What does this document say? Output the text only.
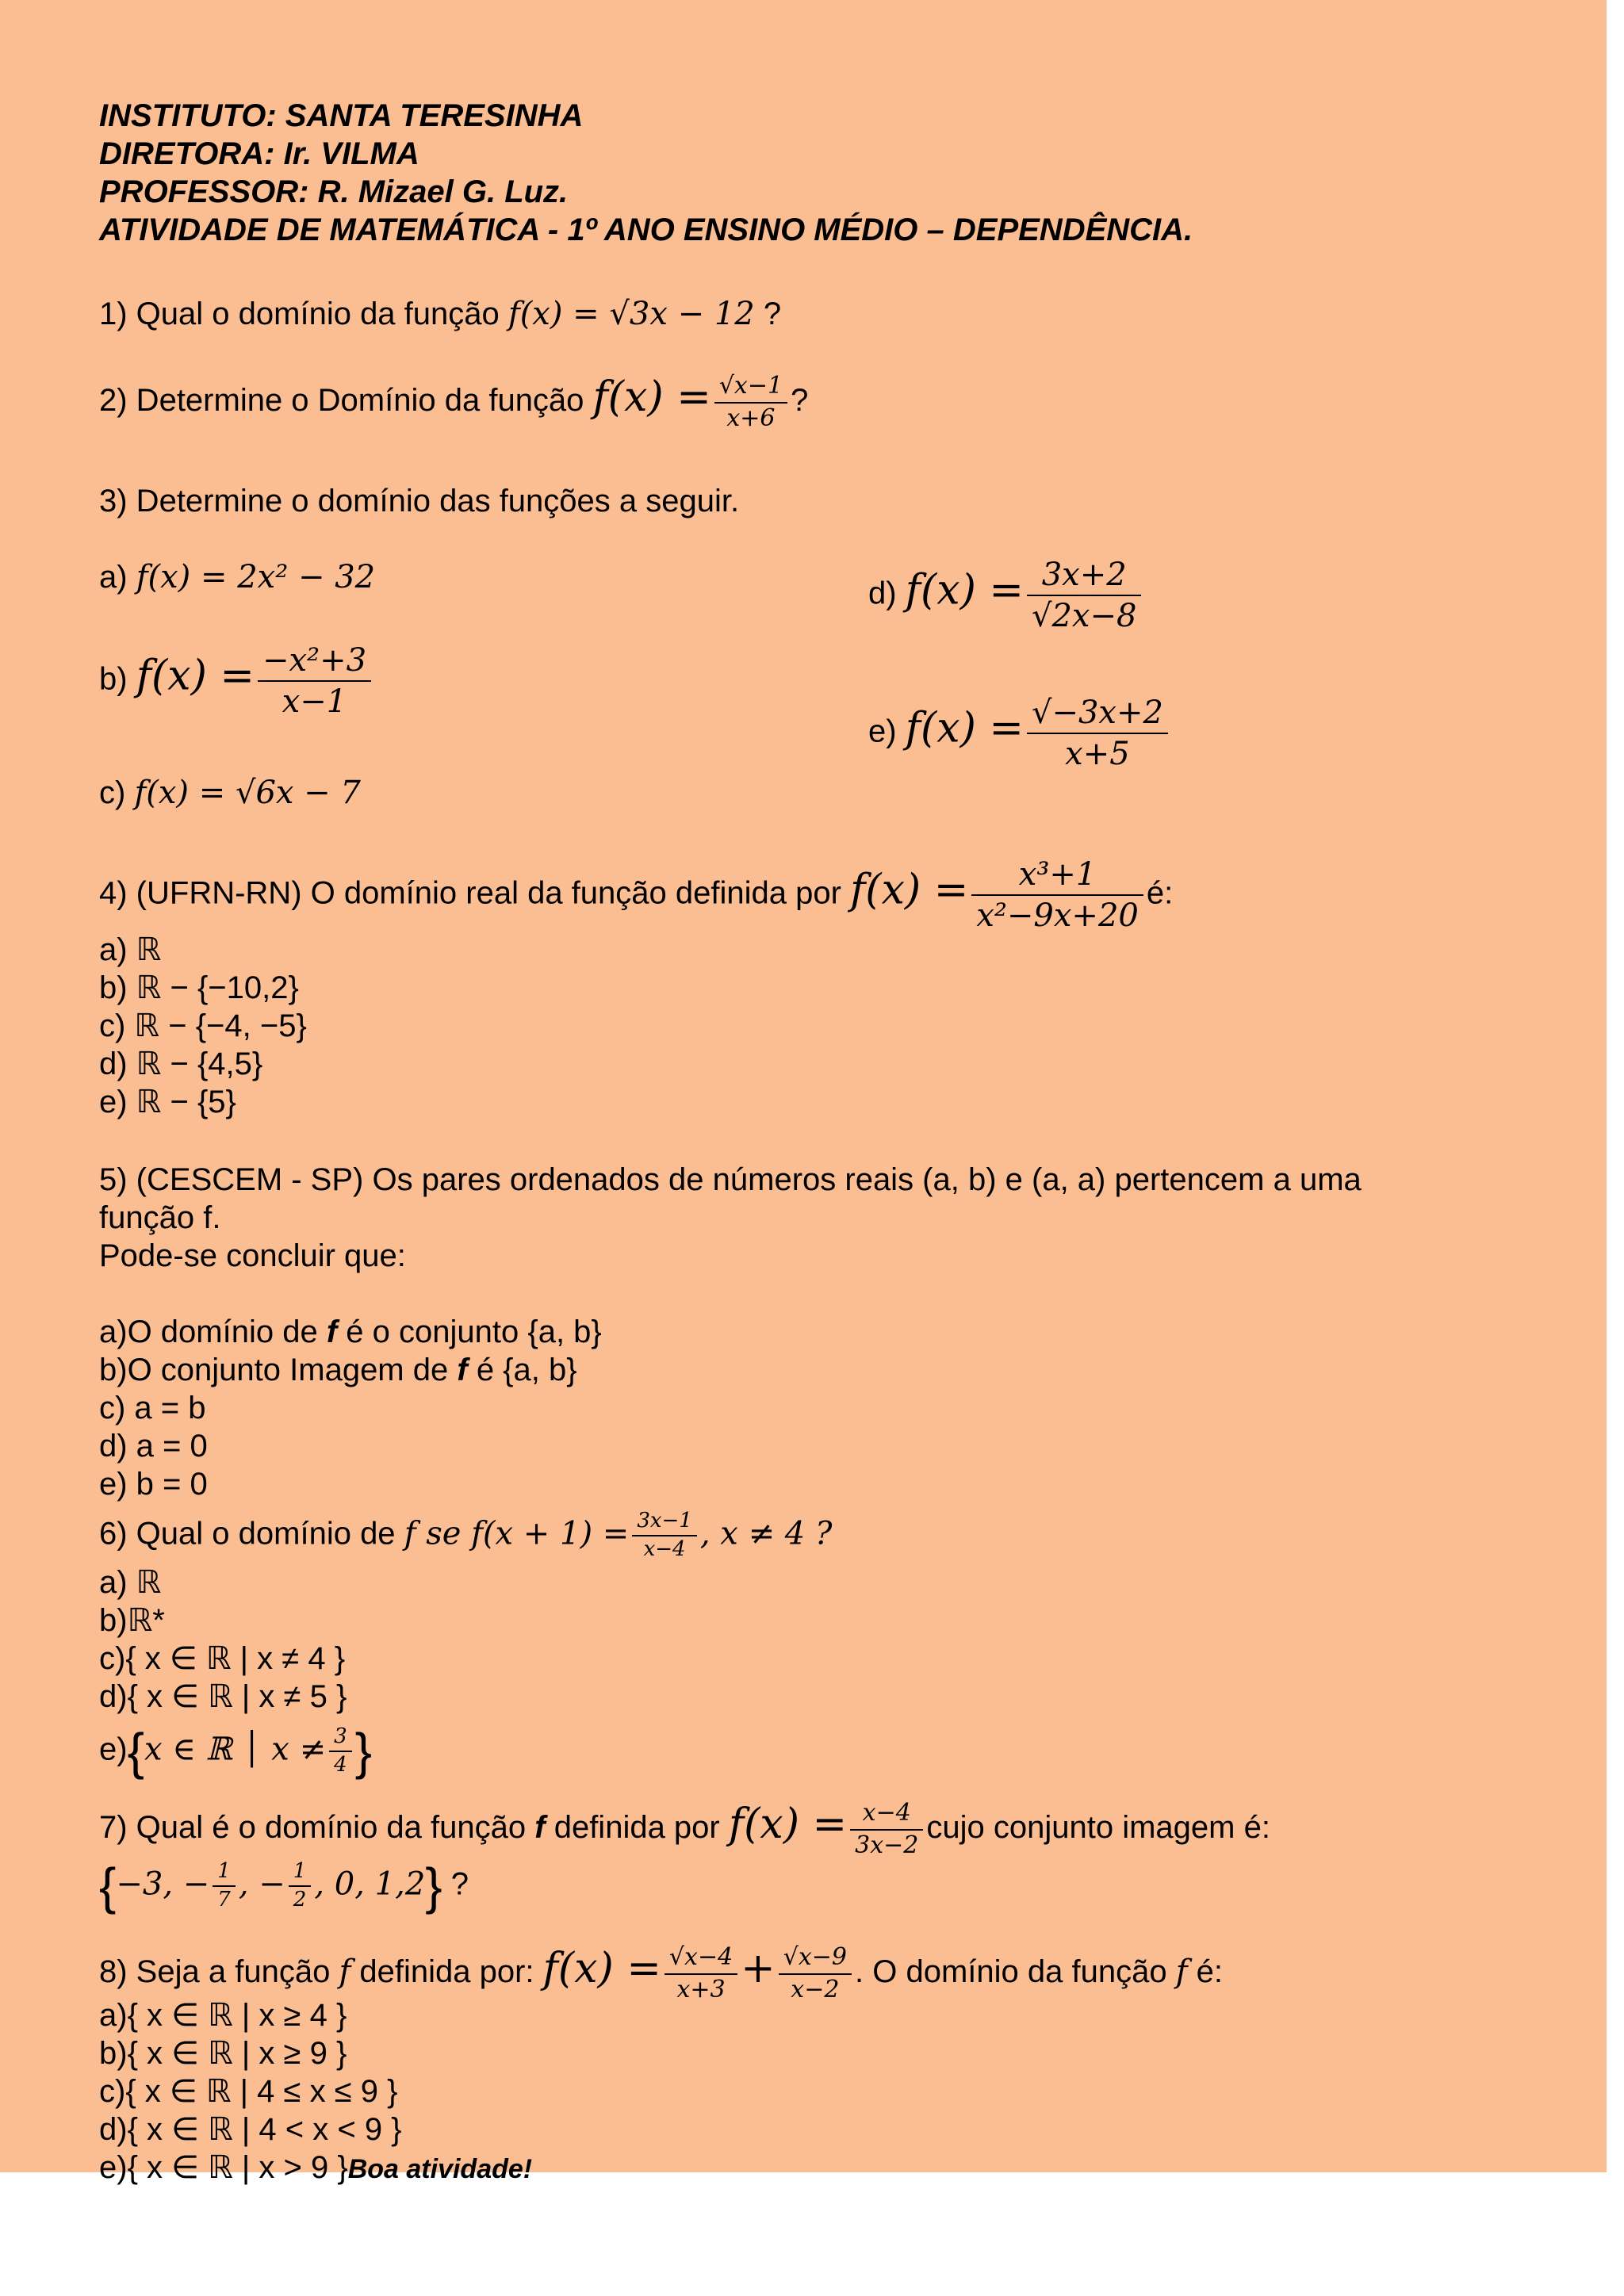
INSTITUTO: SANTA TERESINHA
DIRETORA: Ir. VILMA
PROFESSOR: R. Mizael G. Luz.
ATIVIDADE DE MATEMÁTICA - 1º ANO ENSINO MÉDIO – DEPENDÊNCIA.
1) Qual o domínio da função f(x) = √3x − 12 ?
2) Determine o Domínio da função $f(x) = \frac{√x-1}{x+6}$ ?
3) Determine o domínio das funções a seguir.
a) f(x) = 2x² − 32
b) $f(x) = \frac{\text{−x²+3}}{x-1}$
c) f(x) = √6x − 7
d) $f(x) = \frac{3x+2}{√2x-8}$
e) $f(x) = \frac{√-3x+2}{x+5}$
4) (UFRN-RN) O domínio real da função definida por $f(x) = \frac{\text{x³+1}}{\text{x²−9x+20}}$ é:
a) ℝ
b) ℝ − {−10,2}
c) ℝ − {−4, −5}
d) ℝ − {4,5}
e) ℝ − {5}
5) (CESCEM - SP) Os pares ordenados de números reais (a, b) e (a, a) pertencem a uma
função f.
Pode-se concluir que:
a)O domínio de f é o conjunto {a, b}
b)O conjunto Imagem de f é {a, b}
c) a = b
d) a = 0
e) b = 0
6) Qual o domínio de f se $f(x + 1) = \frac{3x-1}{x-4}$ , x ≠ 4 ?
a) ℝ
b)ℝ*
c){ x ∈ ℝ | x ≠ 4 }
d){ x ∈ ℝ | x ≠ 5 }
e){x ∈ ℝ │ $x \ne \frac{3}{4}$ }
7) Qual é o domínio da função f definida por $f(x) = \frac{x-4}{3x-2}$ cujo conjunto imagem é:
{−3, − $\frac{1}{7}$ , − $\frac{1}{2}$ , 0, 1,2} ?
8) Seja a função f definida por: $f(x) = \frac{√x-4}{x+3} + \frac{√x-9}{x-2}$ . O domínio da função f é:
a){ x ∈ ℝ | x ≥ 4 }
b){ x ∈ ℝ | x ≥ 9 }
c){ x ∈ ℝ | 4 ≤ x ≤ 9 }
d){ x ∈ ℝ | 4 < x < 9 }
e){ x ∈ ℝ | x > 9 }Boa atividade!
